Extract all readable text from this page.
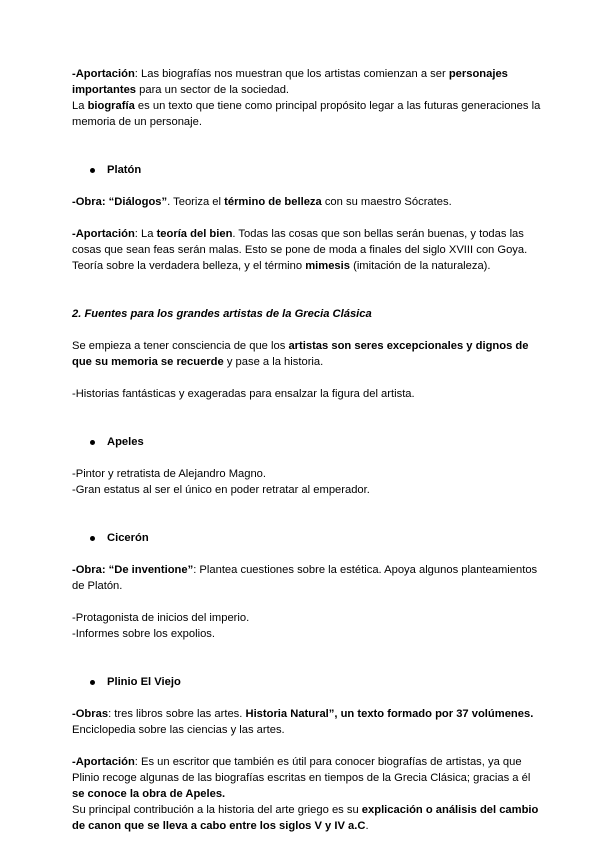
-Aportación: Las biografías nos muestran que los artistas comienzan a ser personajes importantes para un sector de la sociedad.

La biografía es un texto que tiene como principal propósito legar a las futuras generaciones la memoria de un personaje.

Platón

-Obra: “Diálogos”. Teoriza el término de belleza con su maestro Sócrates.

-Aportación: La teoría del bien. Todas las cosas que son bellas serán buenas, y todas las cosas que sean feas serán malas. Esto se pone de moda a finales del siglo XVIII con Goya. Teoría sobre la verdadera belleza, y el término mimesis (imitación de la naturaleza).

2. Fuentes para los grandes artistas de la Grecia Clásica

Se empieza a tener consciencia de que los artistas son seres excepcionales y dignos de que su memoria se recuerde y pase a la historia.

-Historias fantásticas y exageradas para ensalzar la figura del artista.

Apeles

-Pintor y retratista de Alejandro Magno.

-Gran estatus al ser el único en poder retratar al emperador.

Cicerón

-Obra: “De inventione”: Plantea cuestiones sobre la estética. Apoya algunos planteamientos de Platón.

-Protagonista de inicios del imperio.

-Informes sobre los expolios.

Plinio El Viejo

-Obras: tres libros sobre las artes. Historia Natural”, un texto formado por 37 volúmenes. Enciclopedia sobre las ciencias y las artes.

-Aportación: Es un escritor que también es útil para conocer biografías de artistas, ya que Plinio recoge algunas de las biografías escritas en tiempos de la Grecia Clásica; gracias a él se conoce la obra de Apeles.

Su principal contribución a la historia del arte griego es su explicación o análisis del cambio de canon que se lleva a cabo entre los siglos V y IV a.C.
